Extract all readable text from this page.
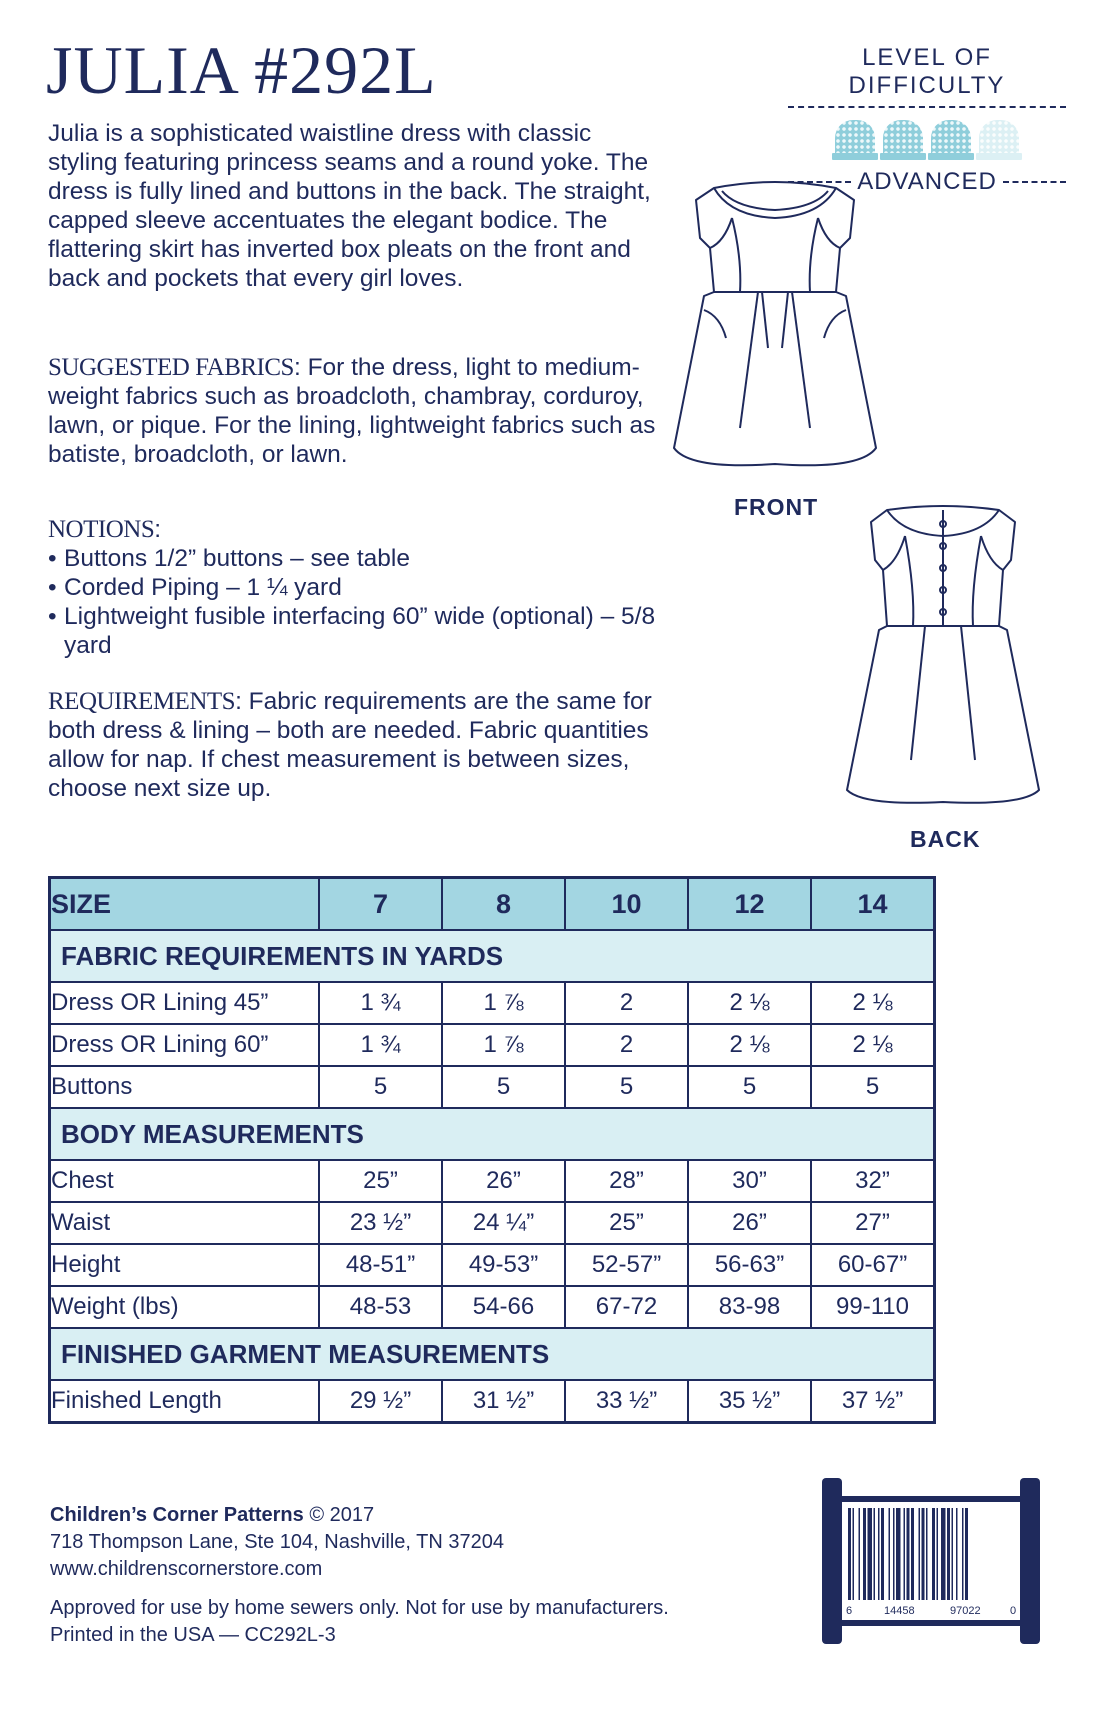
JULIA #292L

Julia is a sophisticated waistline dress with classic styling featuring princess seams and a round yoke. The dress is fully lined and buttons in the back. The straight, capped sleeve accentuates the elegant bodice. The flattering skirt has inverted box pleats on the front and back and pockets that every girl loves.

SUGGESTED FABRICS: For the dress, light to medium-weight fabrics such as broadcloth, chambray, corduroy, lawn, or pique. For the lining, lightweight fabrics such as batiste, broadcloth, or lawn.

NOTIONS:

• Buttons 1/2” buttons – see table
• Corded Piping – 1 ¼ yard
• Lightweight fusible interfacing 60” wide (optional) – 5/8 yard

REQUIREMENTS: Fabric requirements are the same for both dress & lining – both are needed. Fabric quantities allow for nap. If chest measurement is between sizes, choose next size up.

LEVEL OF DIFFICULTY
ADVANCED
FRONT
BACK
SIZE	7	8	10	12	14
FABRIC REQUIREMENTS IN YARDS					
Dress OR Lining 45”	1 ¾	1 ⅞	2	2 ⅛	2 ⅛
Dress OR Lining 60”	1 ¾	1 ⅞	2	2 ⅛	2 ⅛
Buttons	5	5	5	5	5
BODY MEASUREMENTS					
Chest	25”	26”	28”	30”	32”
Waist	23 ½”	24 ¼”	25”	26”	27”
Height	48-51”	49-53”	52-57”	56-63”	60-67”
Weight (lbs)	48-53	54-66	67-72	83-98	99-110
FINISHED GARMENT MEASUREMENTS					
Finished Length	29 ½”	31 ½”	33 ½”	35 ½”	37 ½”

Children’s Corner Patterns © 2017

718 Thompson Lane, Ste 104, Nashville, TN 37204

www.childrenscornerstore.com

Approved for use by home sewers only. Not for use by manufacturers.

Printed in the USA — CC292L-3

6	14458	97022	0
